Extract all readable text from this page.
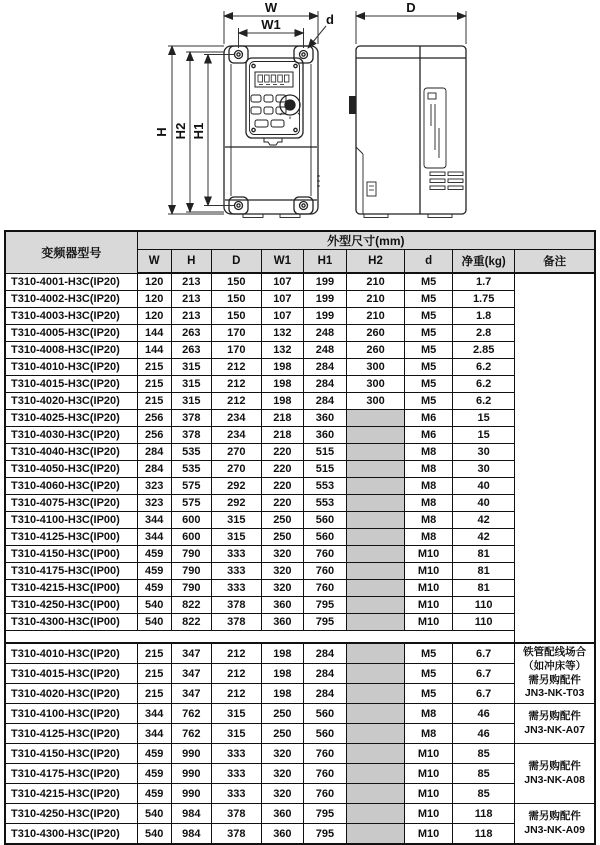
W
W1	d
H H2 H1
D
变频器型号	外型尺寸(mm)								
	W	H	D	W1	H1	H2	d	净重(kg)	备注
T310-4001-H3C(IP20)	120	213	150	107	199	210	M5	1.7	
T310-4002-H3C(IP20)	120	213	150	107	199	210	M5	1.75	
T310-4003-H3C(IP20)	120	213	150	107	199	210	M5	1.8	
T310-4005-H3C(IP20)	144	263	170	132	248	260	M5	2.8	
T310-4008-H3C(IP20)	144	263	170	132	248	260	M5	2.85	
T310-4010-H3C(IP20)	215	315	212	198	284	300	M5	6.2	
T310-4015-H3C(IP20)	215	315	212	198	284	300	M5	6.2	
T310-4020-H3C(IP20)	215	315	212	198	284	300	M5	6.2	
T310-4025-H3C(IP20)	256	378	234	218	360		M6	15	
T310-4030-H3C(IP20)	256	378	234	218	360		M6	15	
T310-4040-H3C(IP20)	284	535	270	220	515		M8	30	
T310-4050-H3C(IP20)	284	535	270	220	515		M8	30	
T310-4060-H3C(IP20)	323	575	292	220	553		M8	40	
T310-4075-H3C(IP20)	323	575	292	220	553		M8	40	
T310-4100-H3C(IP00)	344	600	315	250	560		M8	42	
T310-4125-H3C(IP00)	344	600	315	250	560		M8	42	
T310-4150-H3C(IP00)	459	790	333	320	760		M10	81	
T310-4175-H3C(IP00)	459	790	333	320	760		M10	81	
T310-4215-H3C(IP00)	459	790	333	320	760		M10	81	
T310-4250-H3C(IP00)	540	822	378	360	795		M10	110	
T310-4300-H3C(IP00)	540	822	378	360	795		M10	110	

T310-4010-H3C(IP20)	215	347	212	198	284		M5	6.7	铁管配线场合
（如冲床等）
需另购配件
JN3-NK-T03
T310-4015-H3C(IP20)	215	347	212	198	284		M5	6.7	
T310-4020-H3C(IP20)	215	347	212	198	284		M5	6.7	
T310-4100-H3C(IP20)	344	762	315	250	560		M8	46	需另购配件
JN3-NK-A07
T310-4125-H3C(IP20)	344	762	315	250	560		M8	46	
T310-4150-H3C(IP20)	459	990	333	320	760		M10	85	需另购配件
JN3-NK-A08
T310-4175-H3C(IP20)	459	990	333	320	760		M10	85	
T310-4215-H3C(IP20)	459	990	333	320	760		M10	85	
T310-4250-H3C(IP20)	540	984	378	360	795		M10	118	需另购配件
JN3-NK-A09
T310-4300-H3C(IP20)	540	984	378	360	795		M10	118	
